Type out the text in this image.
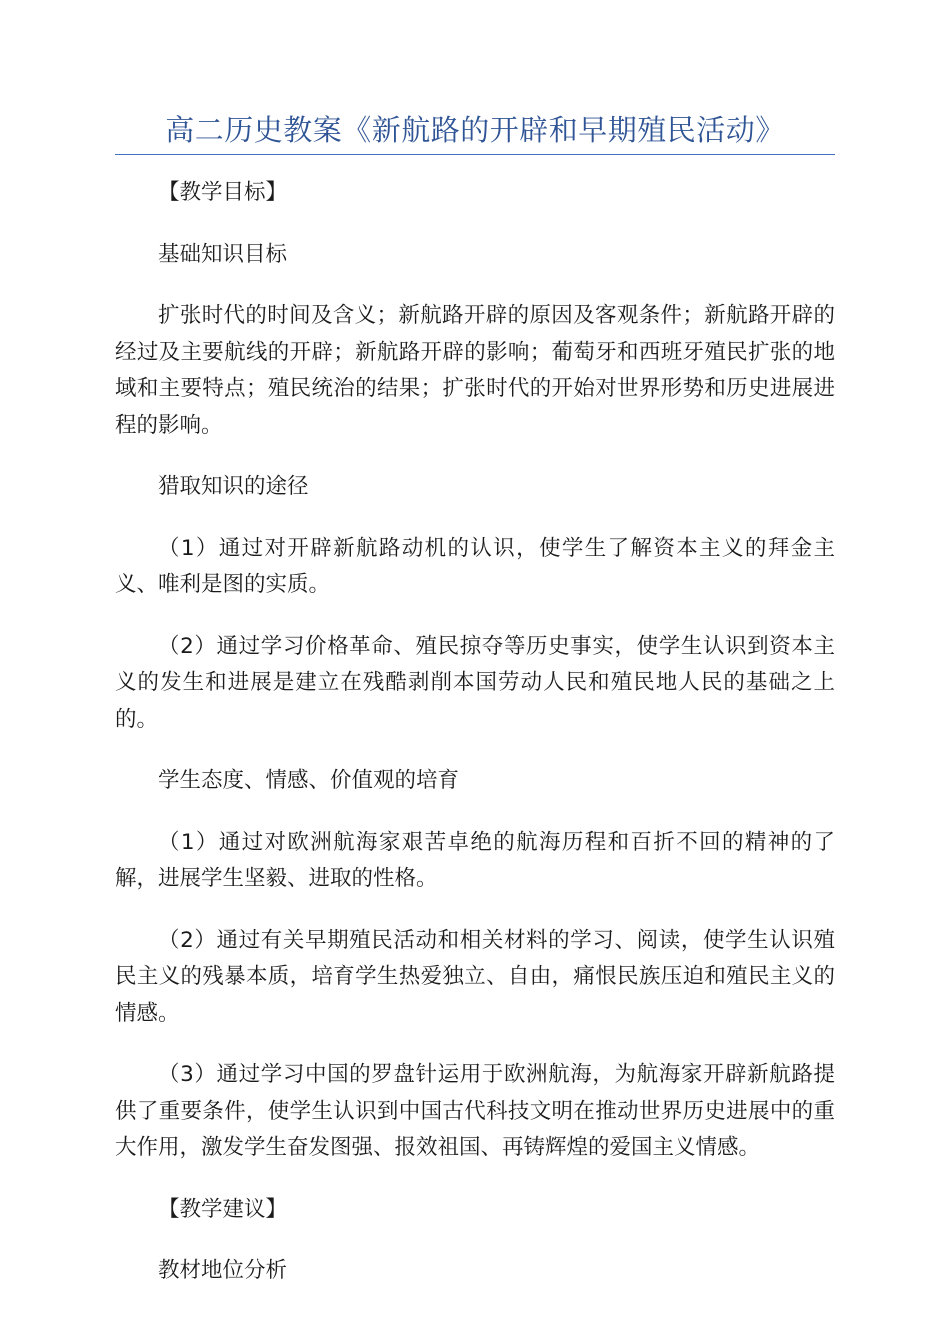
高二历史教案《新航路的开辟和早期殖民活动》

【教学目标】

基础知识目标

扩张时代的时间及含义；新航路开辟的原因及客观条件；新航路开辟的经过及主要航线的开辟；新航路开辟的影响；葡萄牙和西班牙殖民扩张的地域和主要特点；殖民统治的结果；扩张时代的开始对世界形势和历史进展进程的影响。

猎取知识的途径

（1）通过对开辟新航路动机的认识，使学生了解资本主义的拜金主义、唯利是图的实质。

（2）通过学习价格革命、殖民掠夺等历史事实，使学生认识到资本主义的发生和进展是建立在残酷剥削本国劳动人民和殖民地人民的基础之上的。

学生态度、情感、价值观的培育

（1）通过对欧洲航海家艰苦卓绝的航海历程和百折不回的精神的了解，进展学生坚毅、进取的性格。

（2）通过有关早期殖民活动和相关材料的学习、阅读，使学生认识殖民主义的残暴本质，培育学生热爱独立、自由，痛恨民族压迫和殖民主义的情感。

（3）通过学习中国的罗盘针运用于欧洲航海，为航海家开辟新航路提供了重要条件，使学生认识到中国古代科技文明在推动世界历史进展中的重大作用，激发学生奋发图强、报效祖国、再铸辉煌的爱国主义情感。

【教学建议】

教材地位分析
